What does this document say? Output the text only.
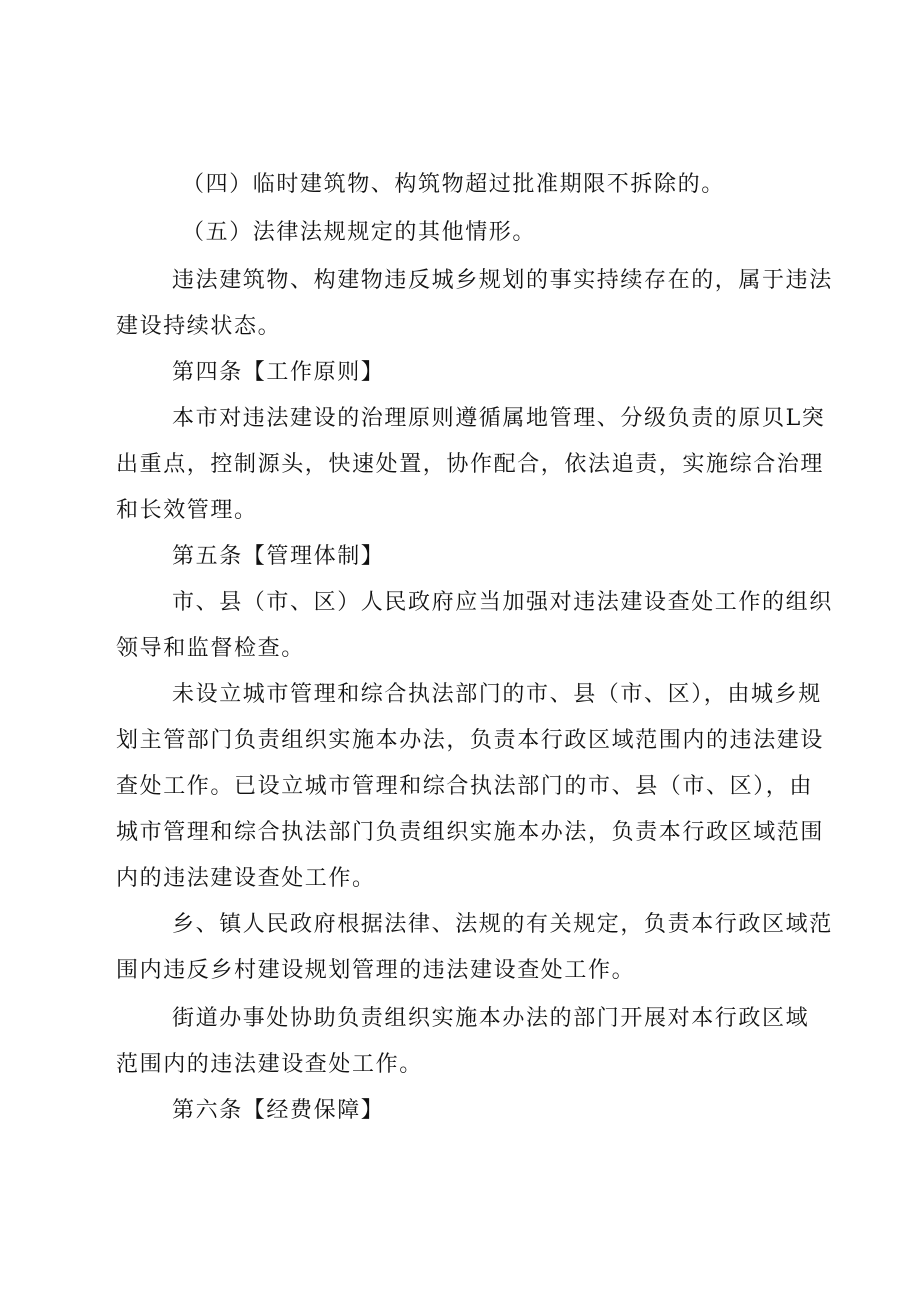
（四）临时建筑物、构筑物超过批准期限不拆除的。
（五）法律法规规定的其他情形。
违法建筑物、构建物违反城乡规划的事实持续存在的，属于违法
建设持续状态。
第四条【工作原则】
本市对违法建设的治理原则遵循属地管理、分级负责的原贝L突
出重点，控制源头，快速处置，协作配合，依法追责，实施综合治理
和长效管理。
第五条【管理体制】
市、县（市、区）人民政府应当加强对违法建设查处工作的组织
领导和监督检查。
未设立城市管理和综合执法部门的市、县（市、区），由城乡规
划主管部门负责组织实施本办法，负责本行政区域范围内的违法建设
查处工作。已设立城市管理和综合执法部门的市、县（市、区），由
城市管理和综合执法部门负责组织实施本办法，负责本行政区域范围
内的违法建设查处工作。
乡、镇人民政府根据法律、法规的有关规定，负责本行政区域范
围内违反乡村建设规划管理的违法建设查处工作。
街道办事处协助负责组织实施本办法的部门开展对本行政区域
范围内的违法建设查处工作。
第六条【经费保障】
